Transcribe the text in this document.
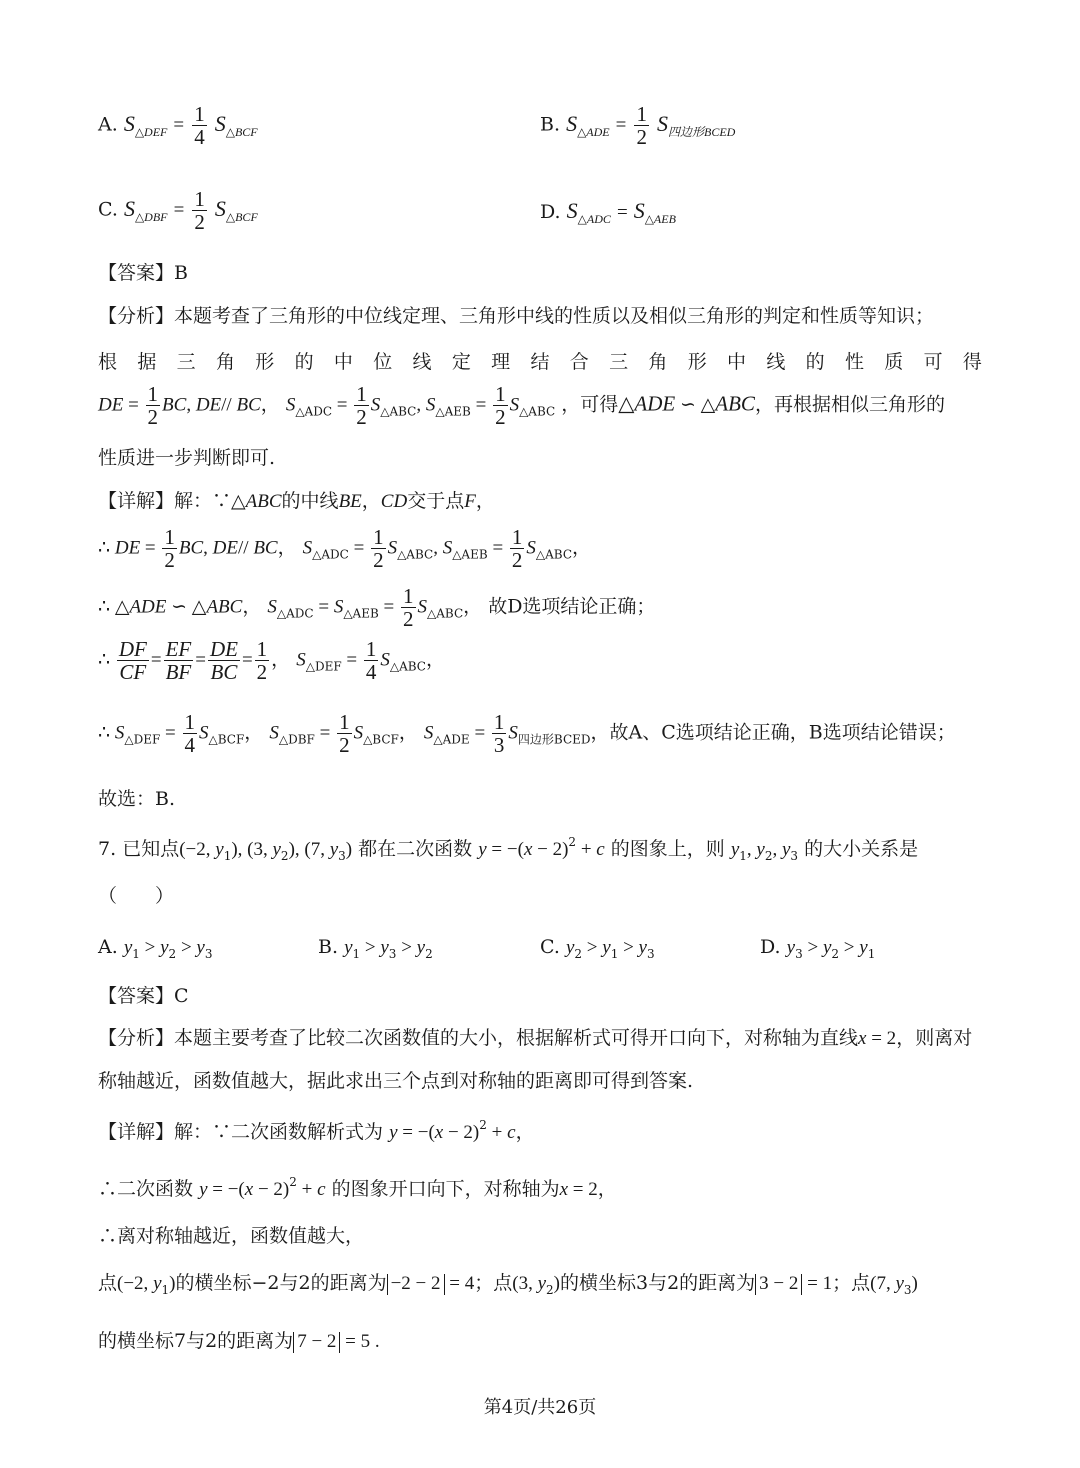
A. $S_{\triangle DEF} = \frac{1}{4} S_{\triangle BCF}$	B. $S_{\triangle ADE} = \frac{1}{2} S_{四边形BCED}$
C. $S_{\triangle DBF} = \frac{1}{2} S_{\triangle BCF}$	D. $S_{\triangle ADC} = S_{\triangle AEB}$
【答案】B
【分析】本题考查了三角形的中位线定理、三角形中线的性质以及相似三角形的判定和性质等知识；
根 据 三 角 形 的 中 位 线 定 理 结 合 三 角 形 中 线 的 性 质 可 得
DE = $\frac{1}{2}$ BC, DE// BC， $S_{\triangle ADC} = \frac{1}{2} S_{\triangle ABC}$, $S_{\triangle AEB} = \frac{1}{2} S_{\triangle ABC}$ ，可得△ADE ∽ △ABC，再根据相似三角形的
性质进一步判断即可.
【详解】解：∵△ABC的中线BE，CD交于点F，
∴ DE = $\frac{1}{2}$ BC, DE// BC， $S_{\triangle ADC} = \frac{1}{2} S_{\triangle ABC}$, $S_{\triangle AEB} = \frac{1}{2} S_{\triangle ABC}$，
∴ △ADE ∽ △ABC， $S_{\triangle ADC} = S_{\triangle AEB} = \frac{1}{2} S_{\triangle ABC}$， 故D选项结论正确；
∴ $\frac{DF}{CF} = \frac{EF}{BF} = \frac{DE}{BC} = \frac{1}{2}$ ， $S_{\triangle DEF} = \frac{1}{4} S_{\triangle ABC}$，
∴ $S_{\triangle DEF} = \frac{1}{4} S_{\triangle BCF}$， $S_{\triangle DBF} = \frac{1}{2} S_{\triangle BCF}$， $S_{\triangle ADE} = \frac{1}{3} S_{四边形BCED}$，故A、C选项结论正确，B选项结论错误；
故选：B.
7. 已知点(−2, $y_1$), (3, $y_2$), (7, $y_3$) 都在二次函数 $y = -(x - 2)^2 + c$ 的图象上，则 $y_1$, $y_2$, $y_3$ 的大小关系是
（　　）
A. $y_1 > y_2 > y_3$	B. $y_1 > y_3 > y_2$	C. $y_2 > y_1 > y_3$	D. $y_3 > y_2 > y_1$
【答案】C
【分析】本题主要考查了比较二次函数值的大小，根据解析式可得开口向下，对称轴为直线x = 2，则离对
称轴越近，函数值越大，据此求出三个点到对称轴的距离即可得到答案.
【详解】解：∵二次函数解析式为 $y = -(x - 2)^2 + c$，
∴二次函数 $y = -(x - 2)^2 + c$ 的图象开口向下，对称轴为x = 2，
∴离对称轴越近，函数值越大，
点(−2, $y_1$)的横坐标−2与2的距离为 −2 − 2 = 4；点(3, $y_2$)的横坐标3与2的距离为 3 − 2 = 1；点(7, $y_3$)
的横坐标7与2的距离为 7 − 2 = 5 .
第4页/共26页
